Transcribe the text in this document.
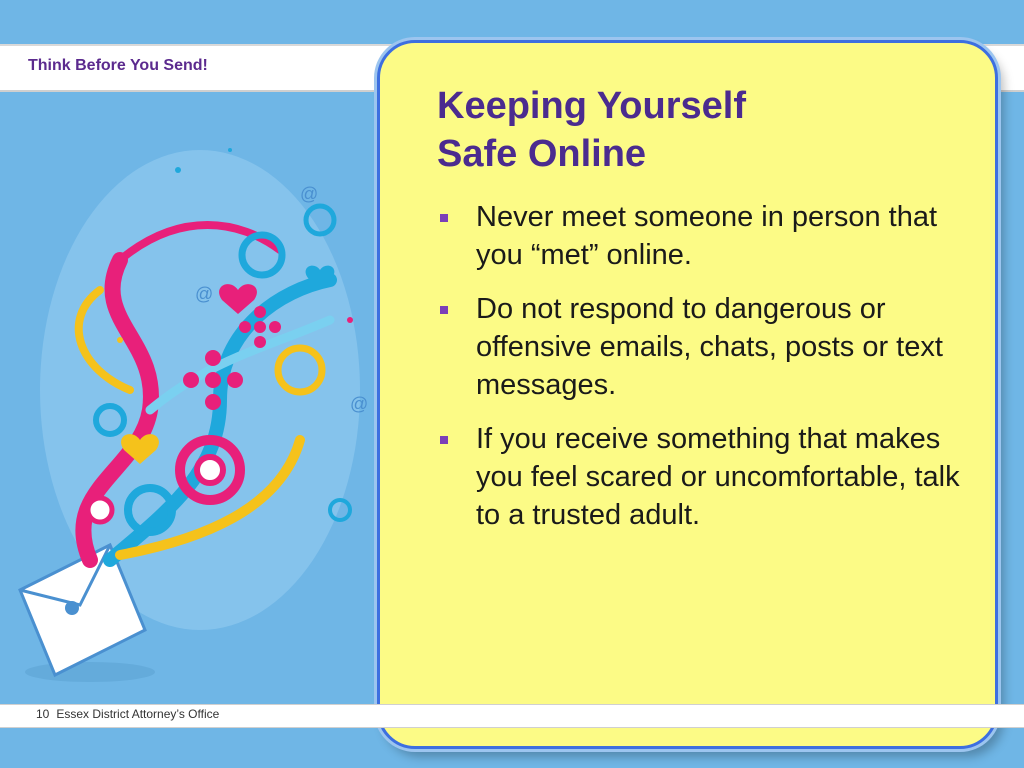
Think Before You Send!
@
@
@
Keeping Yourself
Safe Online
Never meet someone in person that you “met” online.
Do not respond to dangerous or offensive emails, chats, posts or text messages.
If you receive something that makes you feel scared or uncomfortable, talk to a trusted adult.
10 Essex District Attorney’s Office
